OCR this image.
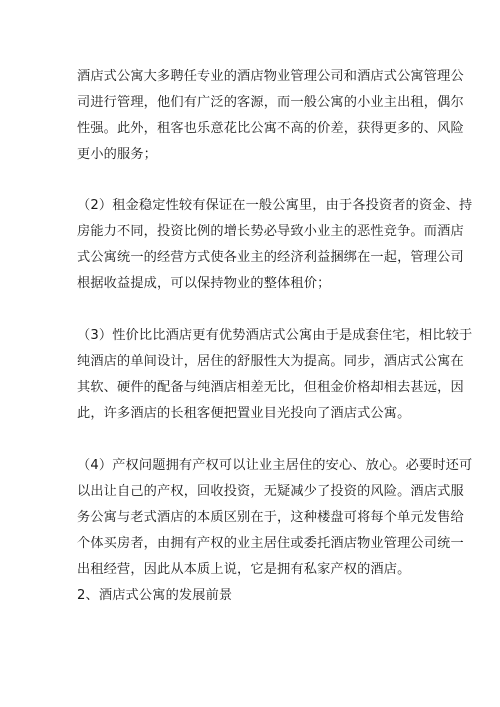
酒店式公寓大多聘任专业的酒店物业管理公司和酒店式公寓管理公
司进行管理，他们有广泛的客源，而一般公寓的小业主出租，偶尔
性强。此外，租客也乐意花比公寓不高的价差，获得更多的、风险
更小的服务；
（2）租金稳定性较有保证在一般公寓里，由于各投资者的资金、持
房能力不同，投资比例的增长势必导致小业主的恶性竞争。而酒店
式公寓统一的经营方式使各业主的经济利益捆绑在一起，管理公司
根据收益提成，可以保持物业的整体租价；
（3）性价比比酒店更有优势酒店式公寓由于是成套住宅，相比较于
纯酒店的单间设计，居住的舒服性大为提高。同步，酒店式公寓在
其软、硬件的配备与纯酒店相差无比，但租金价格却相去甚远，因
此，许多酒店的长租客便把置业目光投向了酒店式公寓。
（4）产权问题拥有产权可以让业主居住的安心、放心。必要时还可
以出让自己的产权，回收投资，无疑减少了投资的风险。酒店式服
务公寓与老式酒店的本质区别在于，这种楼盘可将每个单元发售给
个体买房者，由拥有产权的业主居住或委托酒店物业管理公司统一
出租经营，因此从本质上说，它是拥有私家产权的酒店。
2、酒店式公寓的发展前景
